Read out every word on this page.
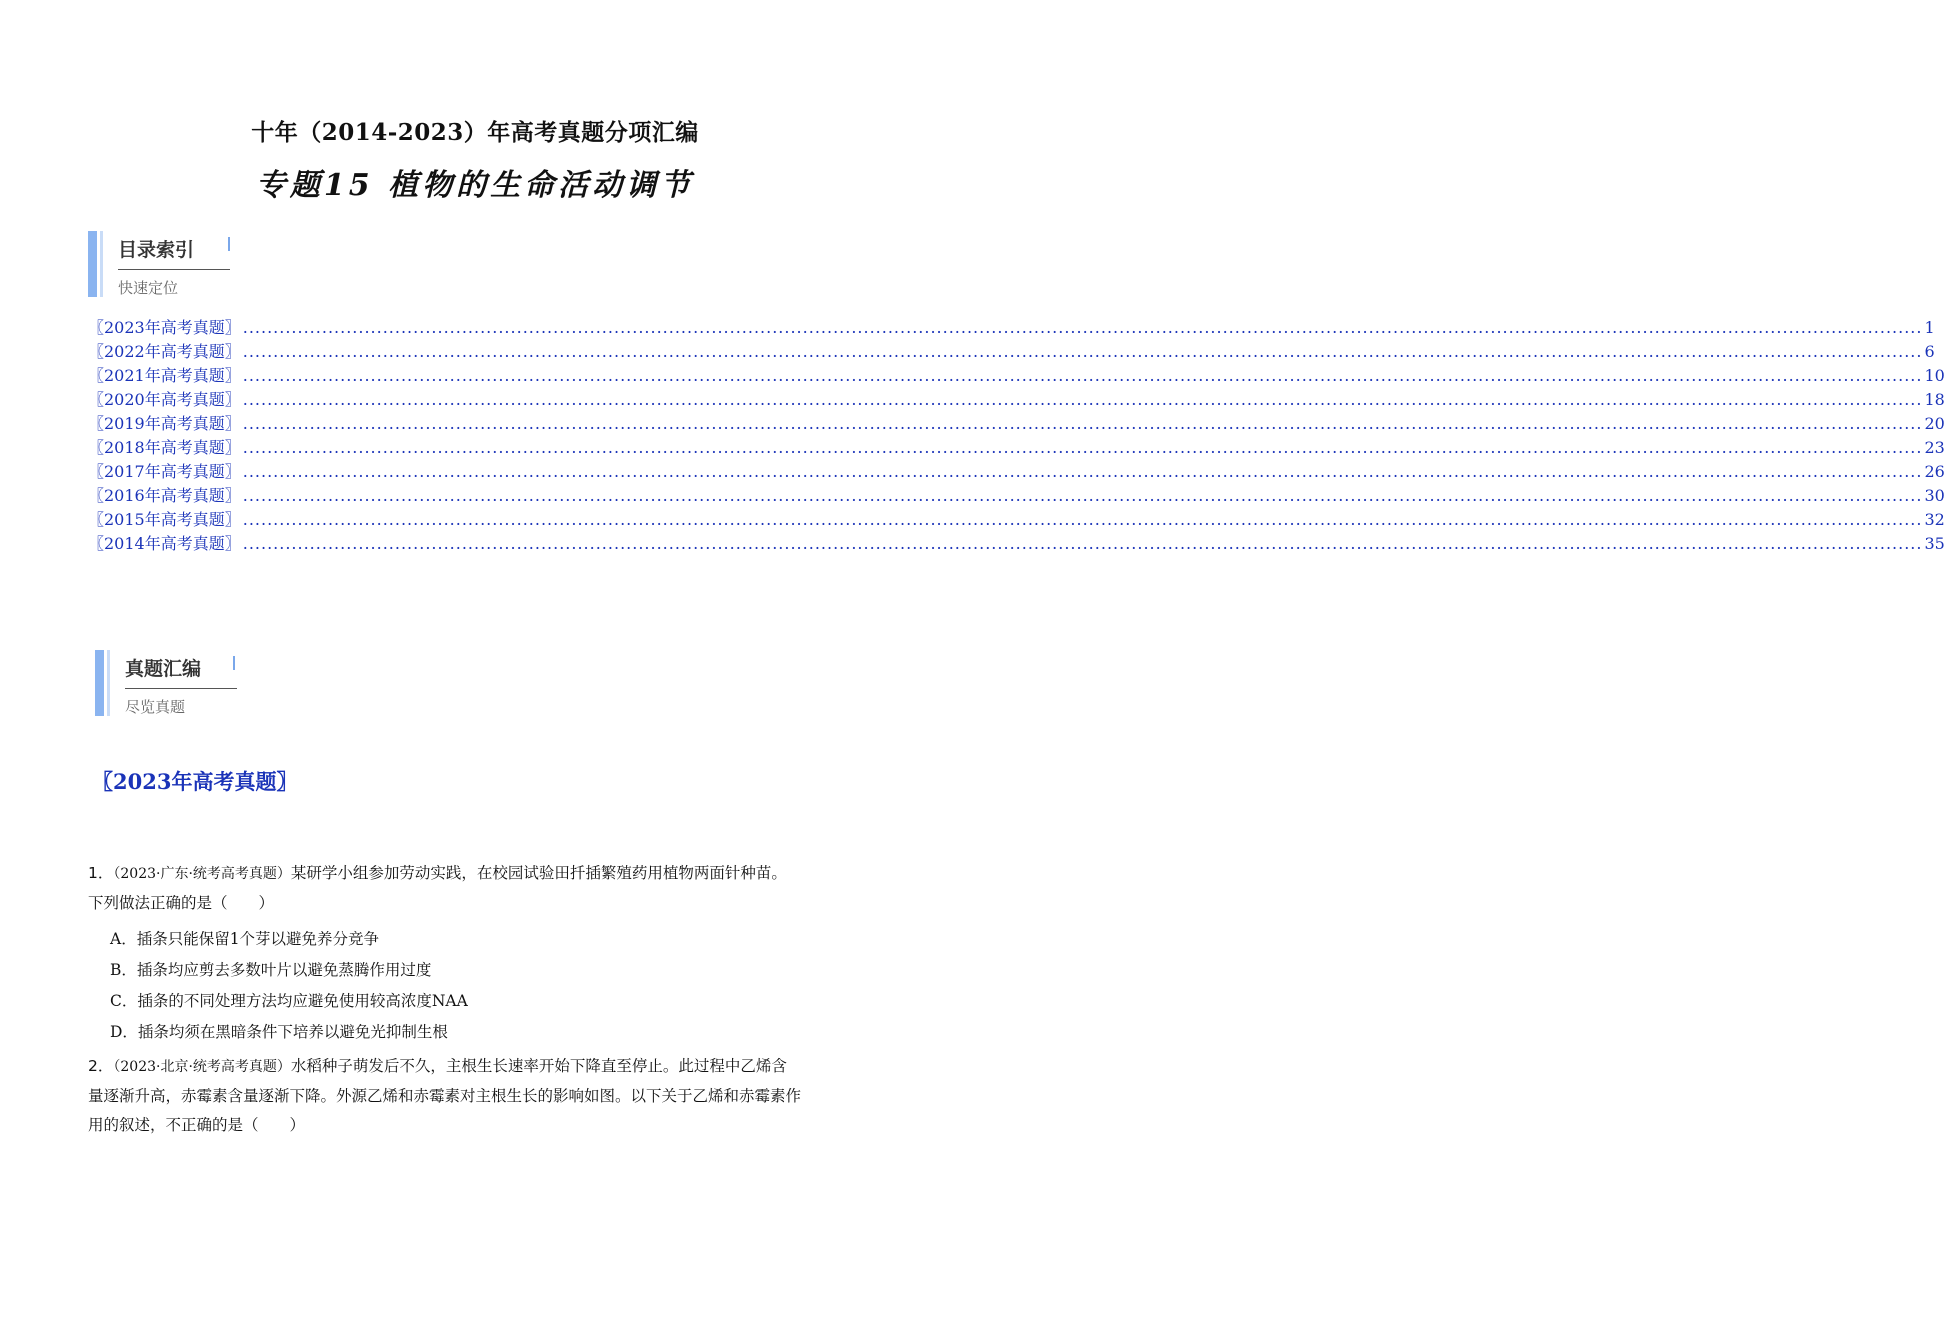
十年（2014-2023）年高考真题分项汇编
专题15 植物的生命活动调节
目录索引
快速定位
〖2023年高考真题〗 .................................................................................................................................................................................................................................................................................... 1
〖2022年高考真题〗 .................................................................................................................................................................................................................................................................................... 6
〖2021年高考真题〗 .................................................................................................................................................................................................................................................................................... 10
〖2020年高考真题〗 .................................................................................................................................................................................................................................................................................... 18
〖2019年高考真题〗 .................................................................................................................................................................................................................................................................................... 20
〖2018年高考真题〗 .................................................................................................................................................................................................................................................................................... 23
〖2017年高考真题〗 .................................................................................................................................................................................................................................................................................... 26
〖2016年高考真题〗 .................................................................................................................................................................................................................................................................................... 30
〖2015年高考真题〗 .................................................................................................................................................................................................................................................................................... 32
〖2014年高考真题〗 .................................................................................................................................................................................................................................................................................... 35
真题汇编
尽览真题
〖2023年高考真题〗
1．（2023·广东·统考高考真题）某研学小组参加劳动实践，在校园试验田扦插繁殖药用植物两面针种苗。
下列做法正确的是（　　）
A．插条只能保留1个芽以避免养分竞争
B．插条均应剪去多数叶片以避免蒸腾作用过度
C．插条的不同处理方法均应避免使用较高浓度NAA
D．插条均须在黑暗条件下培养以避免光抑制生根
2．（2023·北京·统考高考真题）水稻种子萌发后不久，主根生长速率开始下降直至停止。此过程中乙烯含
量逐渐升高，赤霉素含量逐渐下降。外源乙烯和赤霉素对主根生长的影响如图。以下关于乙烯和赤霉素作
用的叙述，不正确的是（　　）
